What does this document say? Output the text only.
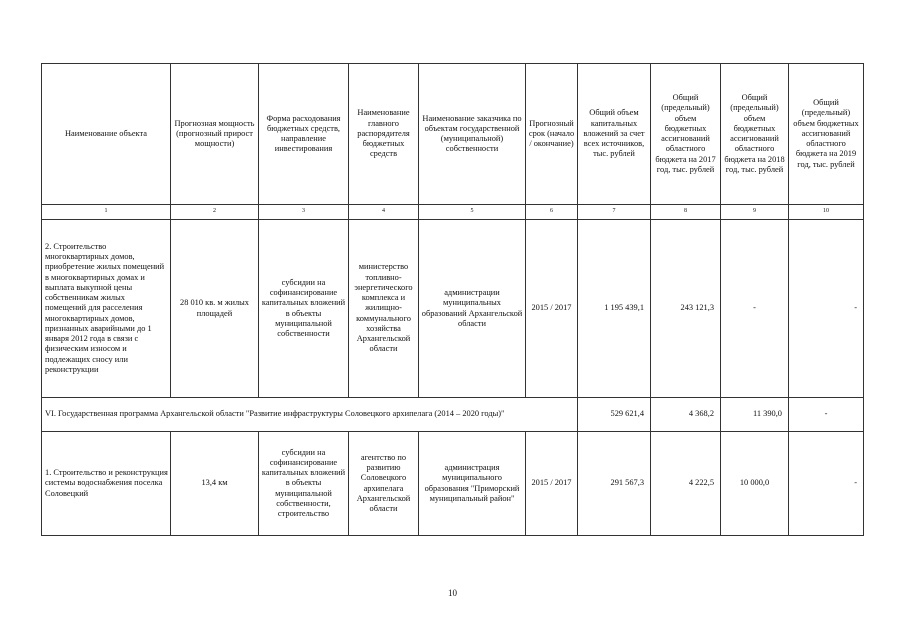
Наименование объекта	Прогнозная мощность (прогнозный прирост мощности)	Форма расходования бюджетных средств, направление инвестирования	Наименование главного распорядителя бюджетных средств	Наименование заказчика по объектам государственной (муниципальной) собственности	Прогнозный срок (начало / окончание)	Общий объем капитальных вложений за счет всех источников, тыс. рублей	Общий (предельный) объем бюджетных ассигнований областного бюджета на 2017 год, тыс. рублей	Общий (предельный) объем бюджетных ассигнований областного бюджета на 2018 год, тыс. рублей	Общий (предельный) объем бюджетных ассигнований областного бюджета на 2019 год, тыс. рублей
1	2	3	4	5	6	7	8	9	10
2. Строительство многоквартирных домов, приобретение жилых помещений в многоквартирных домах и выплата выкупной цены собственникам жилых помещений для расселения многоквартирных домов, признанных аварийными до 1 января 2012 года в связи с физическим износом и подлежащих сносу или реконструкции	28 010 кв. м жилых площадей	субсидии на софинансирование капитальных вложений в объекты муниципальной собственности	министерство топливно-энергетического комплекса и жилищно-коммунального хозяйства Архангельской области	администрации муниципальных образований Архангельской области	2015 / 2017	1 195 439,1	243 121,3	-	-
VI. Государственная программа Архангельской области "Развитие инфраструктуры Соловецкого архипелага (2014 – 2020 годы)"						529 621,4	4 368,2	11 390,0	-
1. Строительство и реконструкция системы водоснабжения поселка Соловецкий	13,4 км	субсидии на софинансирование капитальных вложений в объекты муниципальной собственности, строительство	агентство по развитию Соловецкого архипелага Архангельской области	администрация муниципального образования "Приморский муниципальный район"	2015 / 2017	291 567,3	4 222,5	10 000,0	-
10
